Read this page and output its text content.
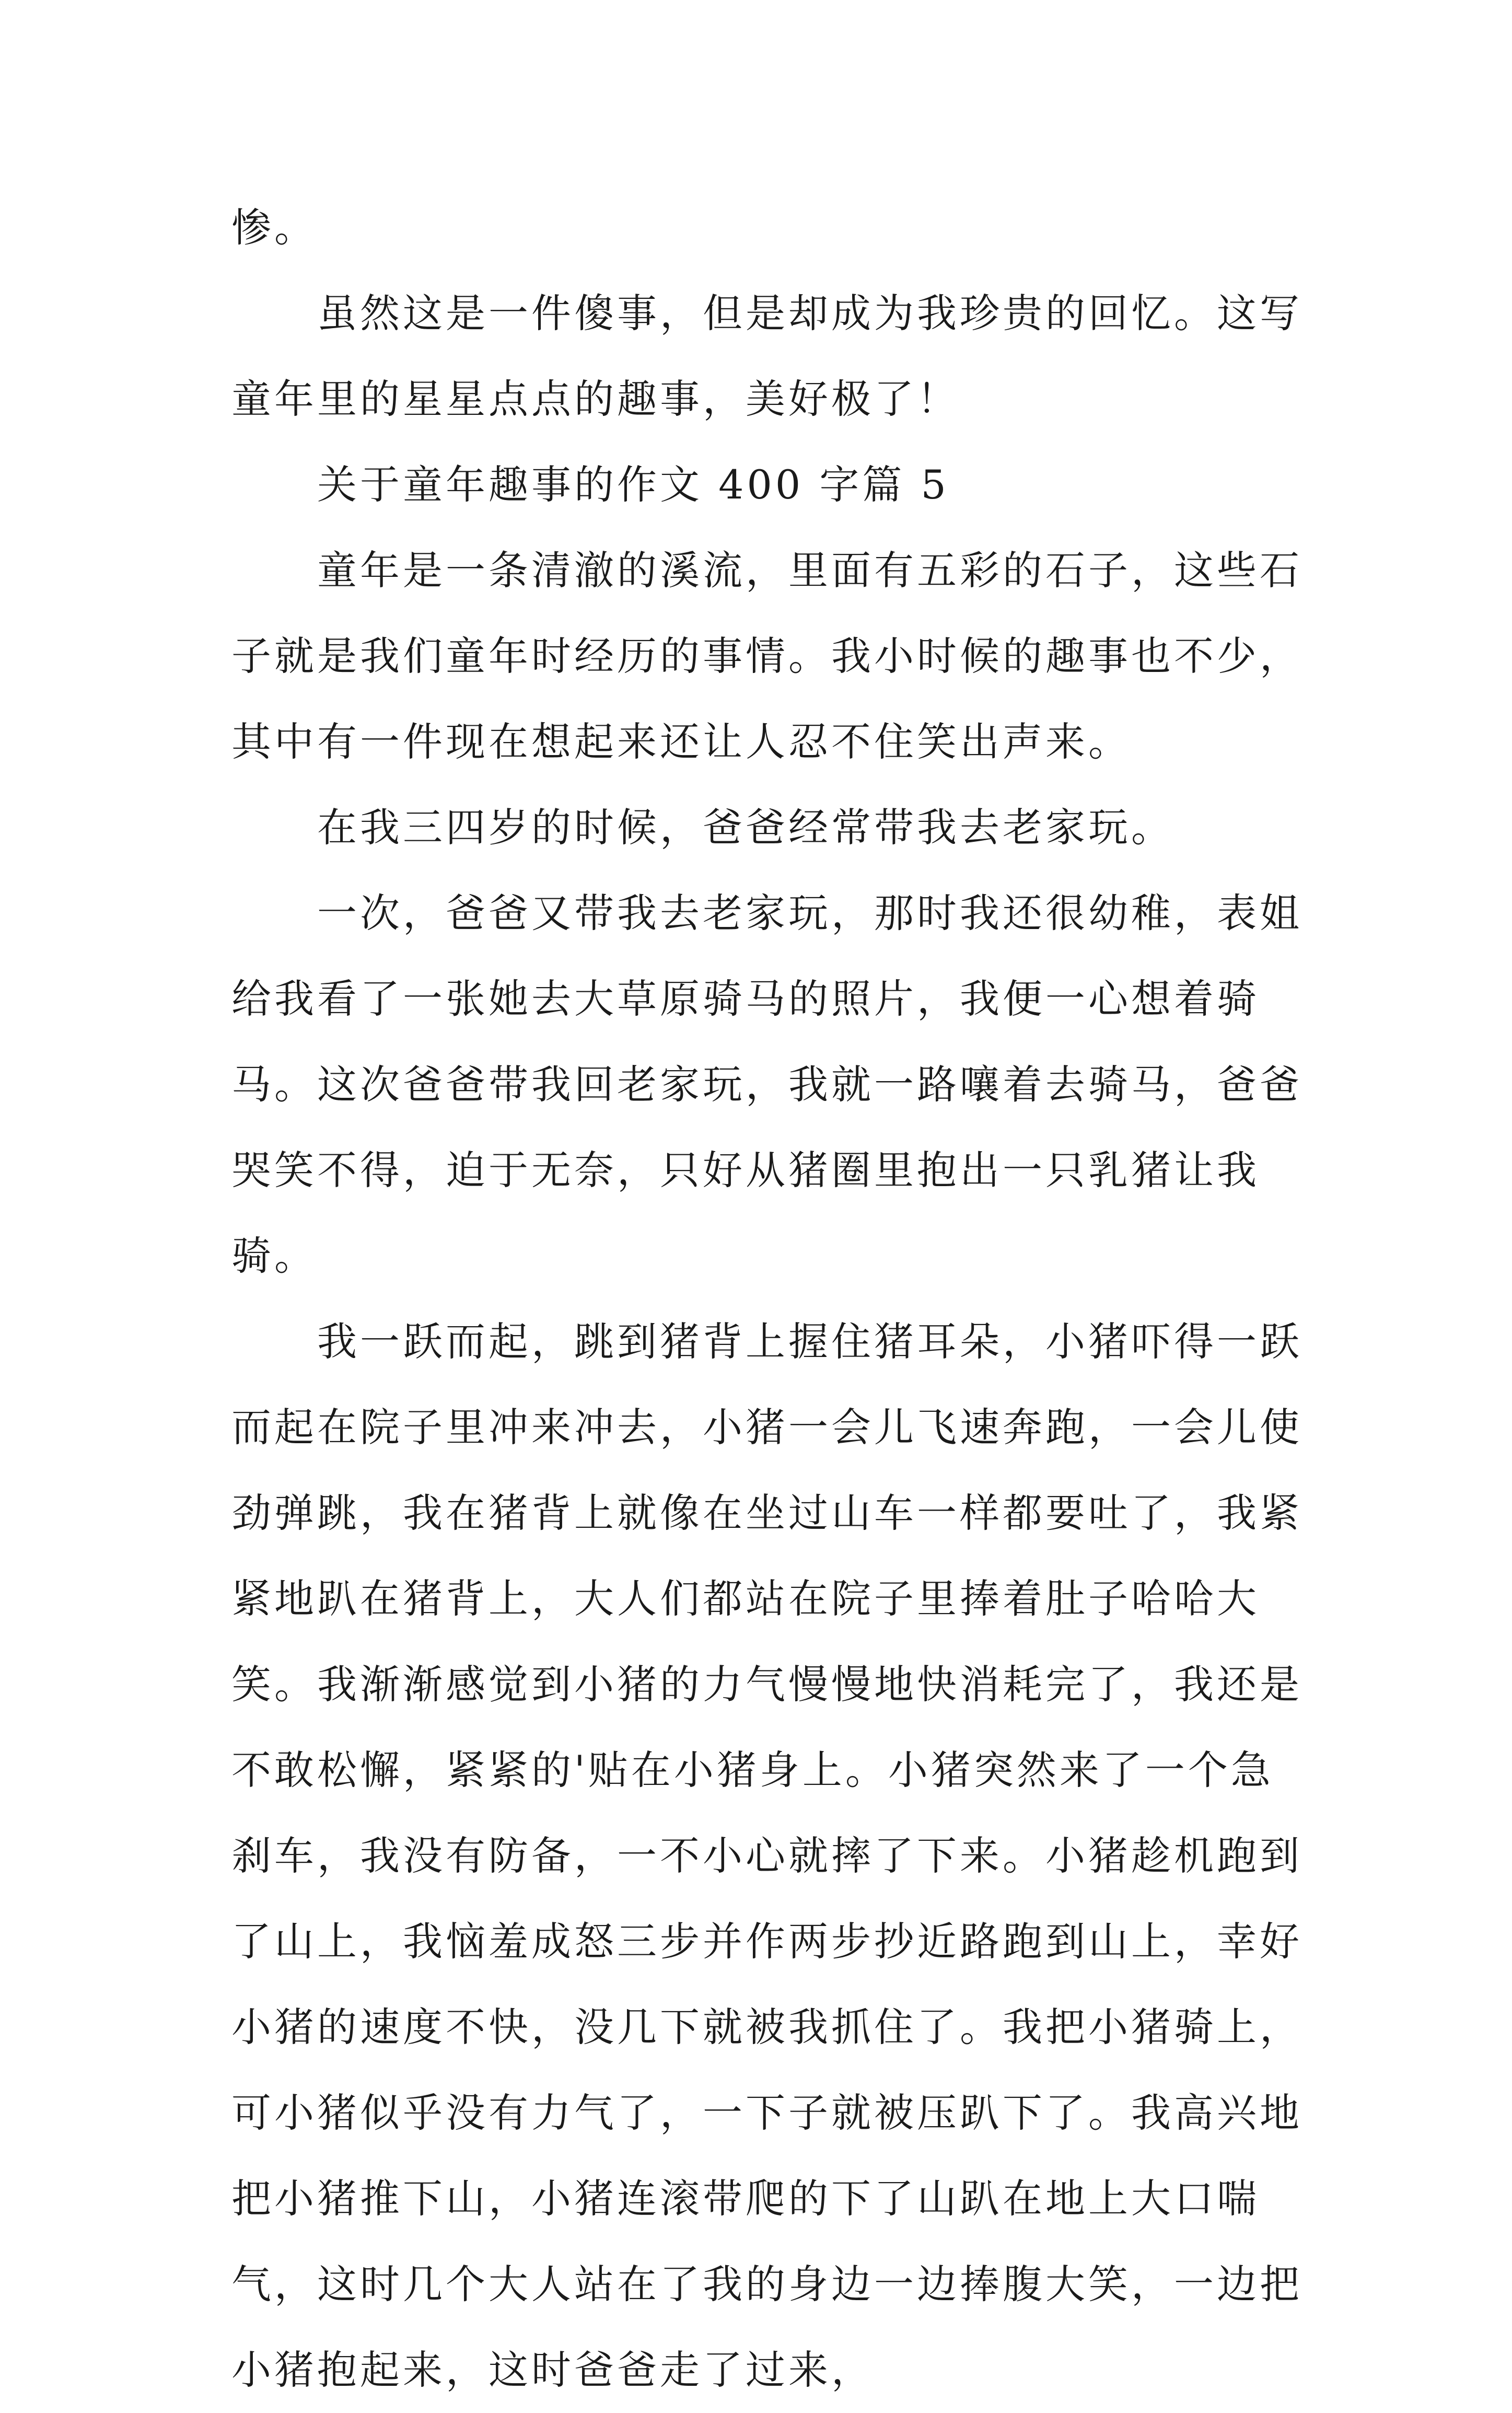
惨。

虽然这是一件傻事，但是却成为我珍贵的回忆。这写童年里的星星点点的趣事，美好极了！

关于童年趣事的作文 400 字篇 5

童年是一条清澈的溪流，里面有五彩的石子，这些石子就是我们童年时经历的事情。我小时候的趣事也不少，其中有一件现在想起来还让人忍不住笑出声来。

在我三四岁的时候，爸爸经常带我去老家玩。

一次，爸爸又带我去老家玩，那时我还很幼稚，表姐给我看了一张她去大草原骑马的照片，我便一心想着骑马。这次爸爸带我回老家玩，我就一路嚷着去骑马，爸爸哭笑不得，迫于无奈，只好从猪圈里抱出一只乳猪让我骑。

我一跃而起，跳到猪背上握住猪耳朵，小猪吓得一跃而起在院子里冲来冲去，小猪一会儿飞速奔跑，一会儿使劲弹跳，我在猪背上就像在坐过山车一样都要吐了，我紧紧地趴在猪背上，大人们都站在院子里捧着肚子哈哈大笑。我渐渐感觉到小猪的力气慢慢地快消耗完了，我还是不敢松懈，紧紧的'贴在小猪身上。小猪突然来了一个急刹车，我没有防备，一不小心就摔了下来。小猪趁机跑到了山上，我恼羞成怒三步并作两步抄近路跑到山上，幸好小猪的速度不快，没几下就被我抓住了。我把小猪骑上，可小猪似乎没有力气了，一下子就被压趴下了。我高兴地把小猪推下山，小猪连滚带爬的下了山趴在地上大口喘气，这时几个大人站在了我的身边一边捧腹大笑，一边把小猪抱起来，这时爸爸走了过来，
